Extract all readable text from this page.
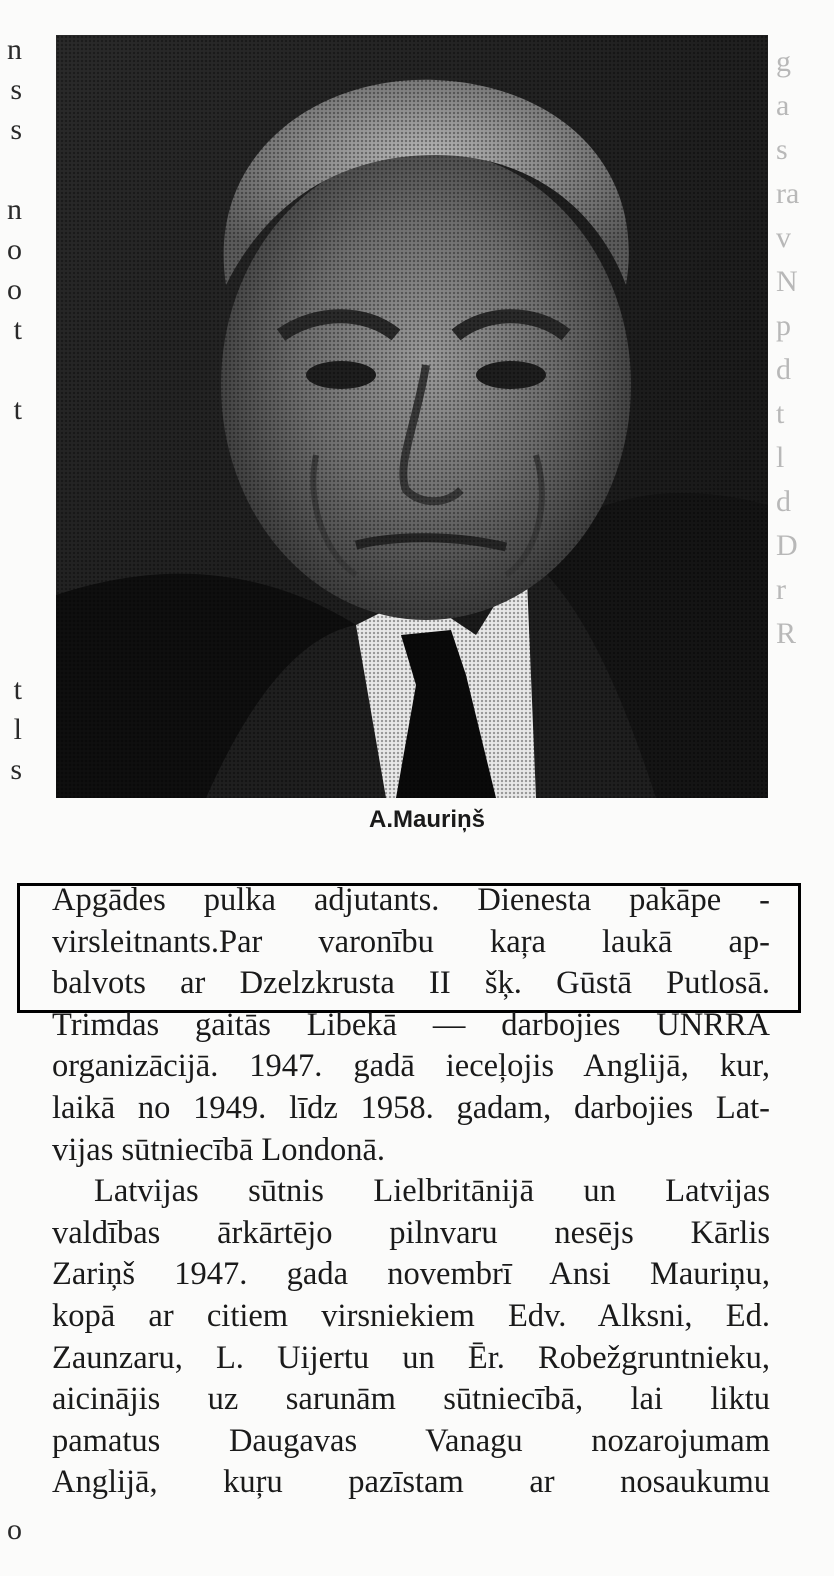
n
s
s

n
o
o
t

t

t
l
s

o
g
a
s
ra
v
N
p
d
t
l
d
D
r
R
A.Mauriņš
Apgādes pulka adjutants. Dienesta pakāpe -
virsleitnants.Par varonību kaŗa laukā ap-
balvots ar Dzelzkrusta II šķ. Gūstā Putlosā.
Trimdas gaitās Libekā — darbojies UNRRA
organizācijā. 1947. gadā ieceļojis Anglijā, kur,
laikā no 1949. līdz 1958. gadam, darbojies Lat-
vijas sūtniecībā Londonā.
Latvijas sūtnis Lielbritānijā un Latvijas
valdības ārkārtējo pilnvaru nesējs Kārlis
Zariņš 1947. gada novembrī Ansi Mauriņu,
kopā ar citiem virsniekiem Edv. Alksni, Ed.
Zaunzaru, L. Uijertu un Ēr. Robežgruntnieku,
aicinājis uz sarunām sūtniecībā, lai liktu
pamatus Daugavas Vanagu nozarojumam
Anglijā, kuŗu pazīstam ar nosaukumu
